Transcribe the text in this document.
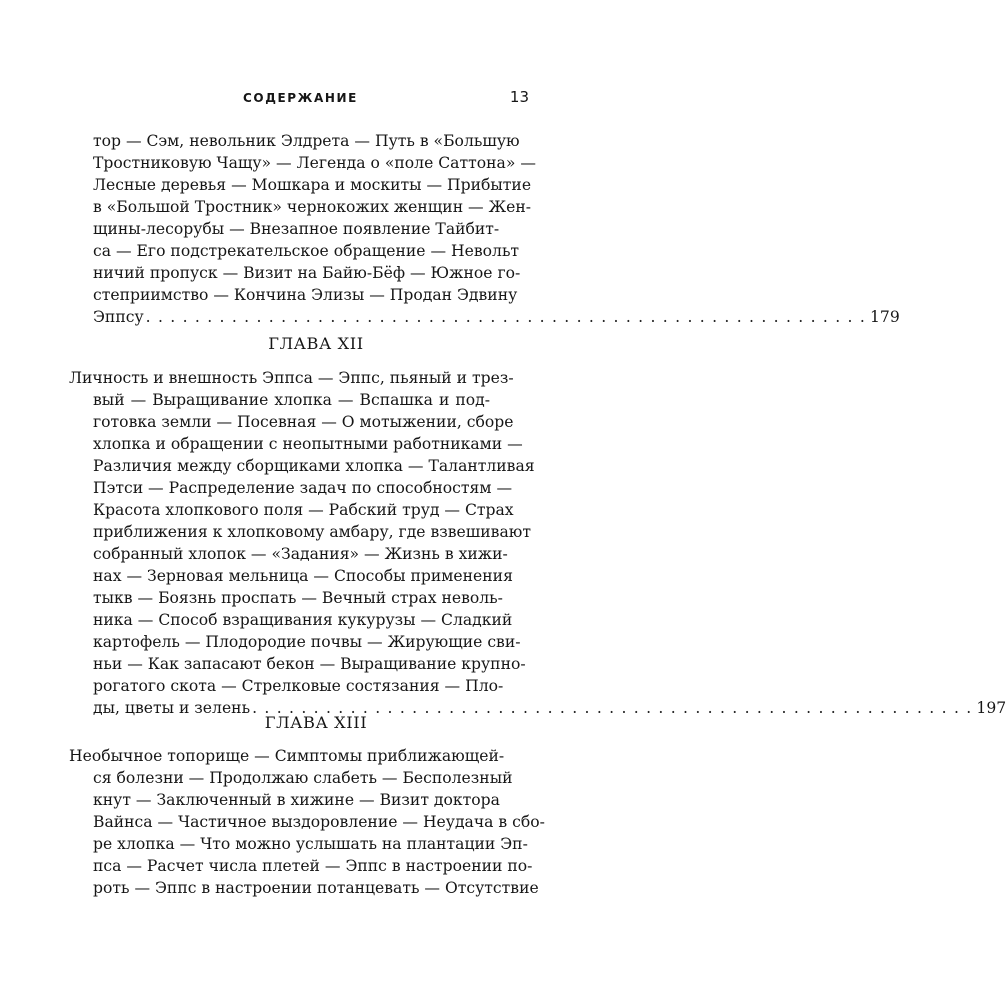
СОДЕРЖАНИЕ	13
тор — Сэм, невольник Элдрета — Путь в «Большую
Тростниковую Чащу» — Легенда о «поле Саттона» —
Лесные деревья — Мошкара и москиты — Прибытие
в «Большой Тростник» чернокожих женщин — Жен-
щины-лесорубы — Внезапное появление Тайбит-
са — Его подстрекательское обращение — Невольт
ничий пропуск — Визит на Байю-Бёф — Южное го-
степриимство — Кончина Элизы — Продан Эдвину
Эппсу . . . . . . . . . . . . . . . . . . . . . . . . . . . . . . . . . . . . . . . . . . . . . . . . . . . . . . . . . . . 179
ГЛАВА XII
Личность и внешность Эппса — Эппс, пьяный и трез-
вый — Выращивание хлопка — Вспашка и под-
готовка земли — Посевная — О мотыжении, сборе
хлопка и обращении с неопытными работниками —
Различия между сборщиками хлопка — Талантливая
Пэтси — Распределение задач по способностям —
Красота хлопкового поля — Рабский труд — Страх
приближения к хлопковому амбару, где взвешивают
собранный хлопок — «Задания» — Жизнь в хижи-
нах — Зерновая мельница — Способы применения
тыкв — Боязнь проспать — Вечный страх неволь-
ника — Способ взращивания кукурузы — Сладкий
картофель — Плодородие почвы — Жирующие сви-
ньи — Как запасают бекон — Выращивание крупно-
рогатого скота — Стрелковые состязания — Пло-
ды, цветы и зелень . . . . . . . . . . . . . . . . . . . . . . . . . . . . . . . . . . . . . . . . . . . . . . . . . . . . . . . . . . . 197
ГЛАВА XIII
Необычное топорище — Симптомы приближающей-
ся болезни — Продолжаю слабеть — Бесполезный
кнут — Заключенный в хижине — Визит доктора
Вайнса — Частичное выздоровление — Неудача в сбо-
ре хлопка — Что можно услышать на плантации Эп-
пса — Расчет числа плетей — Эппс в настроении по-
роть — Эппс в настроении потанцевать — Отсутствие
